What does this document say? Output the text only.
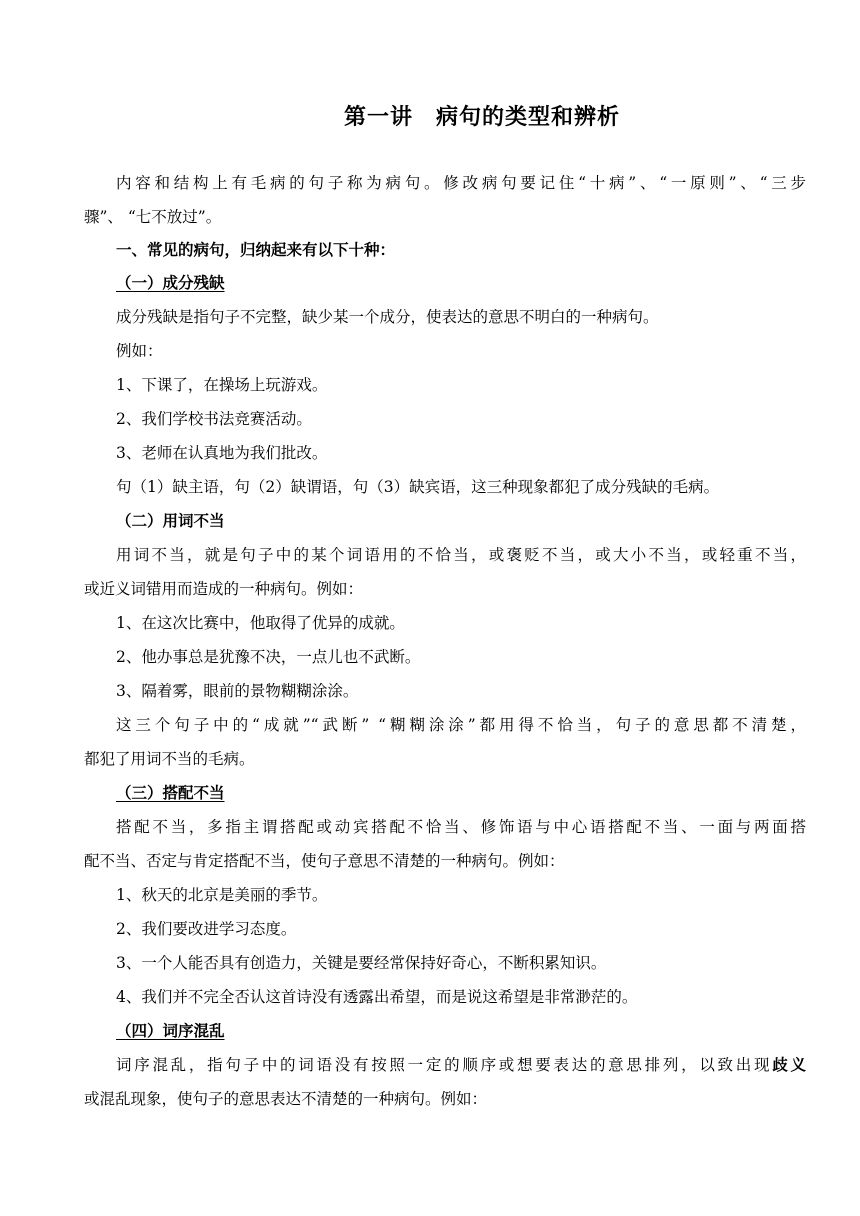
第一讲　病句的类型和辨析
内容和结构上有毛病的句子称为病句。修改病句要记住“十病”、“一原则”、“三步
骤”、 “七不放过”。
一、常见的病句，归纳起来有以下十种：
（一）成分残缺
成分残缺是指句子不完整，缺少某一个成分，使表达的意思不明白的一种病句。
例如：
1、下课了，在操场上玩游戏。
2、我们学校书法竞赛活动。
3、老师在认真地为我们批改。
句（1）缺主语，句（2）缺谓语，句（3）缺宾语，这三种现象都犯了成分残缺的毛病。
（二）用词不当
用词不当，就是句子中的某个词语用的不恰当，或褒贬不当，或大小不当，或轻重不当，
或近义词错用而造成的一种病句。例如：
1、在这次比赛中，他取得了优异的成就。
2、他办事总是犹豫不决，一点儿也不武断。
3、隔着雾，眼前的景物糊糊涂涂。
这三个句子中的“成就”“武断” “糊糊涂涂”都用得不恰当，句子的意思都不清楚，
都犯了用词不当的毛病。
（三）搭配不当
搭配不当，多指主谓搭配或动宾搭配不恰当、修饰语与中心语搭配不当、一面与两面搭
配不当、否定与肯定搭配不当，使句子意思不清楚的一种病句。例如：
1、秋天的北京是美丽的季节。
2、我们要改进学习态度。
3、一个人能否具有创造力，关键是要经常保持好奇心，不断积累知识。
4、我们并不完全否认这首诗没有透露出希望，而是说这希望是非常渺茫的。
（四）词序混乱
词序混乱，指句子中的词语没有按照一定的顺序或想要表达的意思排列，以致出现歧义
或混乱现象，使句子的意思表达不清楚的一种病句。例如：
